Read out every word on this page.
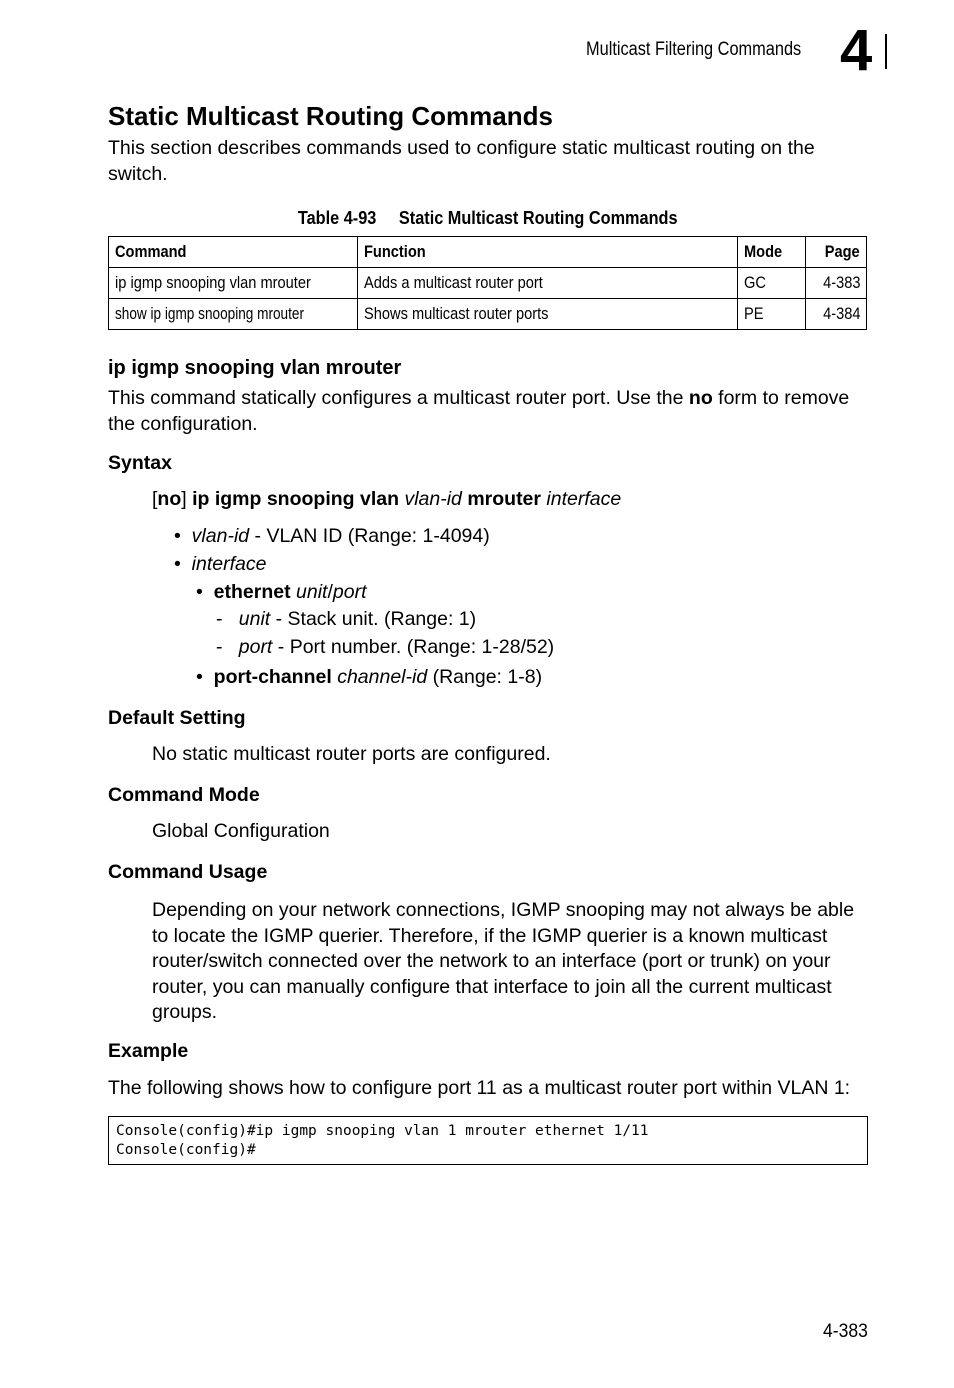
Multicast Filtering Commands 4
Static Multicast Routing Commands
This section describes commands used to configure static multicast routing on the switch.
Table 4-93 Static Multicast Routing Commands
Command	Function	Mode	Page
ip igmp snooping vlan mrouter	Adds a multicast router port	GC	4-383
show ip igmp snooping mrouter	Shows multicast router ports	PE	4-384
ip igmp snooping vlan mrouter
This command statically configures a multicast router port. Use the no form to remove the configuration.
Syntax
[no] ip igmp snooping vlan vlan-id mrouter interface
•  vlan-id - VLAN ID (Range: 1-4094)
•  interface
•  ethernet unit/port
-   unit - Stack unit. (Range: 1)
-   port - Port number. (Range: 1-28/52)
•  port-channel channel-id (Range: 1-8)
Default Setting
No static multicast router ports are configured.
Command Mode
Global Configuration
Command Usage
Depending on your network connections, IGMP snooping may not always be able to locate the IGMP querier. Therefore, if the IGMP querier is a known multicast router/switch connected over the network to an interface (port or trunk) on your router, you can manually configure that interface to join all the current multicast groups.
Example
The following shows how to configure port 11 as a multicast router port within VLAN 1:
Console(config)#ip igmp snooping vlan 1 mrouter ethernet 1/11
Console(config)#
4-383
